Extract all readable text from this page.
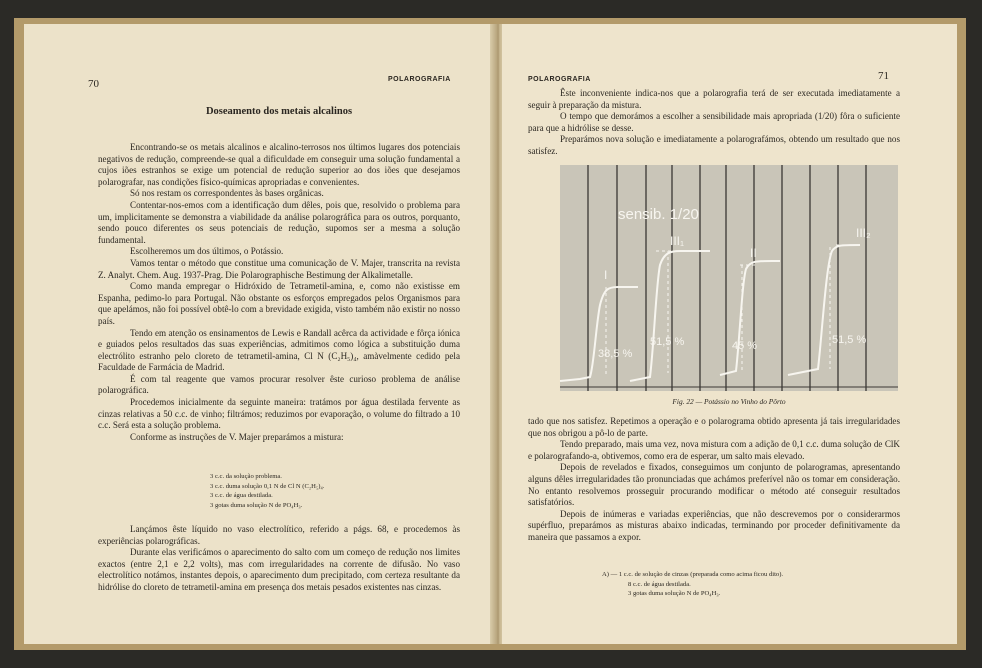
70	POLAROGRAFIA
Doseamento dos metais alcalinos

Encontrando-se os metais alcalinos e alcalino-terrosos nos últimos lugares dos potenciais negativos de redução, compreende-se qual a dificuldade em conseguir uma solução fundamental a cujos iões estranhos se exige um potencial de redução superior ao dos iões que desejamos polarografar, nas condições físico-químicas apropriadas e convenientes.

Só nos restam os correspondentes às bases orgânicas.

Contentar-nos-emos com a identificação dum dêles, pois que, resolvido o problema para um, implicitamente se demonstra a viabilidade da análise polarográfica para os outros, porquanto, sendo pouco diferentes os seus potenciais de redução, supomos ser a mesma a solução fundamental.

Escolheremos um dos últimos, o Potássio.

Vamos tentar o método que constitue uma comunicação de V. Majer, transcrita na revista Z. Analyt. Chem. Aug. 1937-Prag. Die Polarographische Bestimung der Alkalimetalle.

Como manda empregar o Hidróxido de Tetrametil-amina, e, como não existisse em Espanha, pedimo-lo para Portugal. Não obstante os esforços empregados pelos Organismos para que apelámos, não foi possível obtê-lo com a brevidade exigida, visto também não existir no nosso país.

Tendo em atenção os ensinamentos de Lewis e Randall acêrca da actividade e fôrça iónica e guiados pelos resultados das suas experiências, admitimos como lógica a substituição duma electrólito estranho pelo cloreto de tetrametil-amina, Cl N (C₂H₅)₄, amàvelmente cedido pela Faculdade de Farmácia de Madrid.

É com tal reagente que vamos procurar resolver êste curioso problema de análise polarográfica.

Procedemos inicialmente da seguinte maneira: tratámos por água destilada fervente as cinzas relativas a 50 c.c. de vinho; filtrámos; reduzimos por evaporação, o volume do filtrado a 10 c.c. Será esta a solução problema.

Conforme as instruções de V. Majer preparámos a mistura:

3 c.c. da solução problema.
3 c.c. duma solução 0,1 N de Cl N (C₂H₅)₄.
3 c.c. de água destilada.
3 gotas duma solução N de PO₄H₃.

Lançámos êste líquido no vaso electrolítico, referido a págs. 68, e procedemos às experiências polarográficas.

Durante elas verificámos o aparecimento do salto com um começo de redução nos limites exactos (entre 2,1 e 2,2 volts), mas com irregularidades na corrente de difusão. No vaso electrolítico notámos, instantes depois, o aparecimento dum precipitado, com certeza resultante da hidrólise do cloreto de tetrametil-amina em presença dos metais pesados existentes nas cinzas.

POLAROGRAFIA	71

Êste inconveniente indica-nos que a polarografia terá de ser executada imediatamente a seguir à preparação da mistura.

O tempo que demorámos a escolher a sensibilidade mais apropriada (1/20) fôra o suficiente para que a hidrólise se desse.

Preparámos nova solução e imediatamente a polarografámos, obtendo um resultado que nos satisfez.

sensib. 1/20
I
III₁
II
III₂
38,5 %
51,5 %	45 %	51,5 %
Fig. 22 — Potássio no Vinho do Pôrto

tado que nos satisfez. Repetimos a operação e o polarograma obtido apresenta já tais irregularidades que nos obrigou a pô-lo de parte.

Tendo preparado, mais uma vez, nova mistura com a adição de 0,1 c.c. duma solução de ClK e polarografando-a, obtivemos, como era de esperar, um salto mais elevado.

Depois de revelados e fixados, conseguimos um conjunto de polarogramas, apresentando alguns dêles irregularidades tão pronunciadas que achámos preferível não os tomar em consideração. No entanto resolvemos prosseguir procurando modificar o método até conseguir resultados satisfatórios.

Depois de inúmeras e variadas experiências, que não descrevemos por o considerarmos supérfluo, preparámos as misturas abaixo indicadas, terminando por proceder definitivamente da maneira que passamos a expor.

A) — 1 c.c. de solução de cinzas (preparada como acima ficou dito).
8 c.c. de água destilada.
3 gotas duma solução N de PO₄H₃.
